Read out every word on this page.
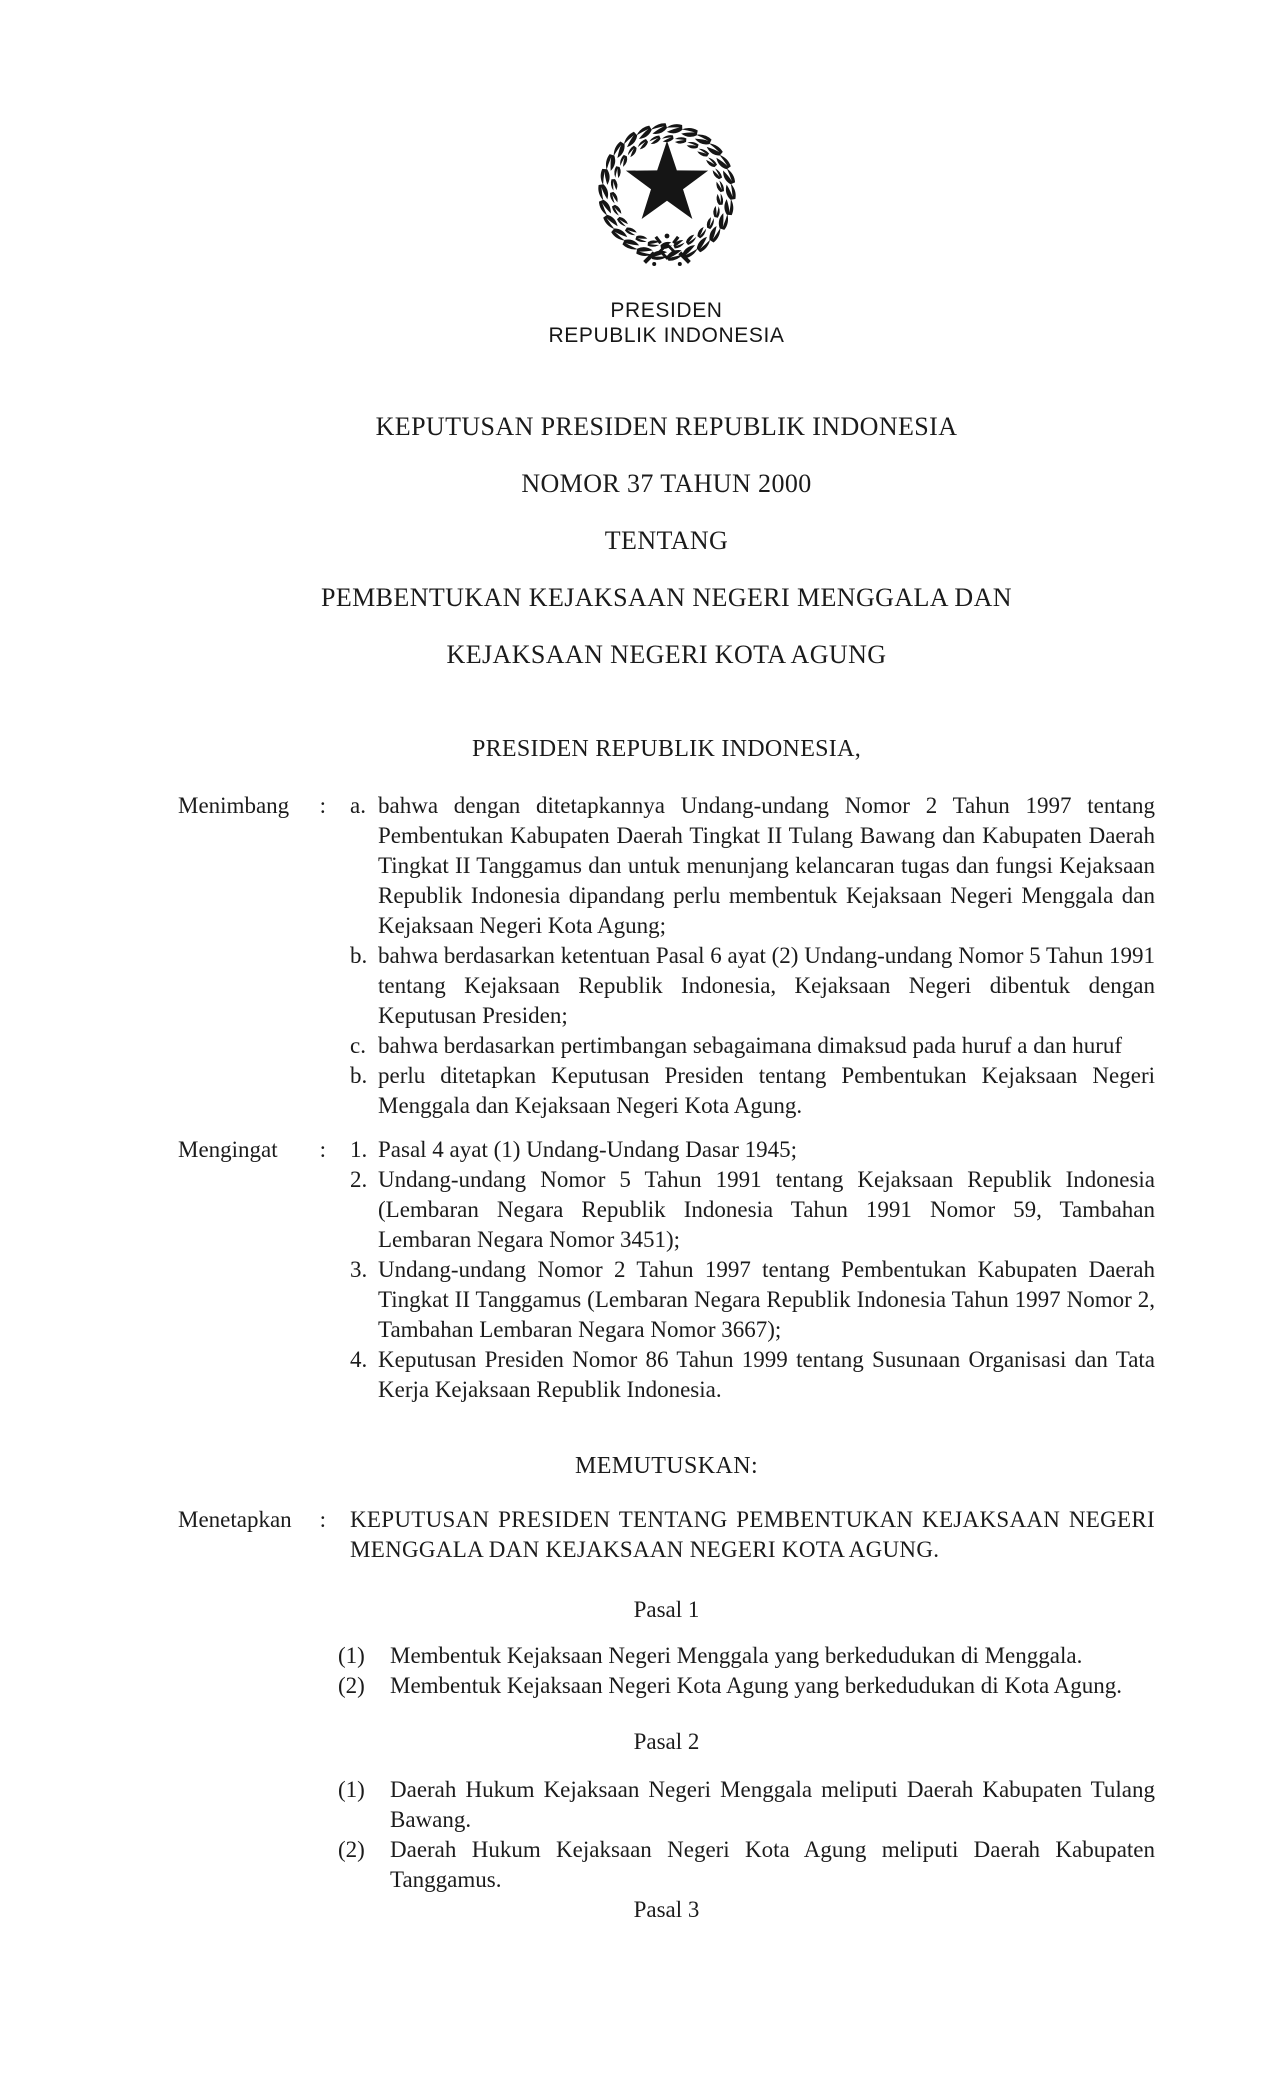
PRESIDEN
REPUBLIK INDONESIA
KEPUTUSAN PRESIDEN REPUBLIK INDONESIA
NOMOR 37 TAHUN 2000
TENTANG
PEMBENTUKAN KEJAKSAAN NEGERI MENGGALA DAN
KEJAKSAAN NEGERI KOTA AGUNG
PRESIDEN REPUBLIK INDONESIA,
Menimbang : a. bahwa dengan ditetapkannya Undang-undang Nomor 2 Tahun 1997 tentang Pembentukan Kabupaten Daerah Tingkat II Tulang Bawang dan Kabupaten Daerah Tingkat II Tanggamus dan untuk menunjang kelancaran tugas dan fungsi Kejaksaan Republik Indonesia dipandang perlu membentuk Kejaksaan Negeri Menggala dan Kejaksaan Negeri Kota Agung;
b. bahwa berdasarkan ketentuan Pasal 6 ayat (2) Undang-undang Nomor 5 Tahun 1991 tentang Kejaksaan Republik Indonesia, Kejaksaan Negeri dibentuk dengan Keputusan Presiden;
c. bahwa berdasarkan pertimbangan sebagaimana dimaksud pada huruf a dan huruf
b. perlu ditetapkan Keputusan Presiden tentang Pembentukan Kejaksaan Negeri Menggala dan Kejaksaan Negeri Kota Agung.
Mengingat : 1. Pasal 4 ayat (1) Undang-Undang Dasar 1945;
2. Undang-undang Nomor 5 Tahun 1991 tentang Kejaksaan Republik Indonesia (Lembaran Negara Republik Indonesia Tahun 1991 Nomor 59, Tambahan Lembaran Negara Nomor 3451);
3. Undang-undang Nomor 2 Tahun 1997 tentang Pembentukan Kabupaten Daerah Tingkat II Tanggamus (Lembaran Negara Republik Indonesia Tahun 1997 Nomor 2, Tambahan Lembaran Negara Nomor 3667);
4. Keputusan Presiden Nomor 86 Tahun 1999 tentang Susunaan Organisasi dan Tata Kerja Kejaksaan Republik Indonesia.
MEMUTUSKAN:
Menetapkan : KEPUTUSAN PRESIDEN TENTANG PEMBENTUKAN KEJAKSAAN NEGERI MENGGALA DAN KEJAKSAAN NEGERI KOTA AGUNG.
Pasal 1
(1)	Membentuk Kejaksaan Negeri Menggala yang berkedudukan di Menggala.
(2)	Membentuk Kejaksaan Negeri Kota Agung yang berkedudukan di Kota Agung.
Pasal 2
(1)	Daerah Hukum Kejaksaan Negeri Menggala meliputi Daerah Kabupaten Tulang Bawang.
(2)	Daerah Hukum Kejaksaan Negeri Kota Agung meliputi Daerah Kabupaten Tanggamus.
Pasal 3
